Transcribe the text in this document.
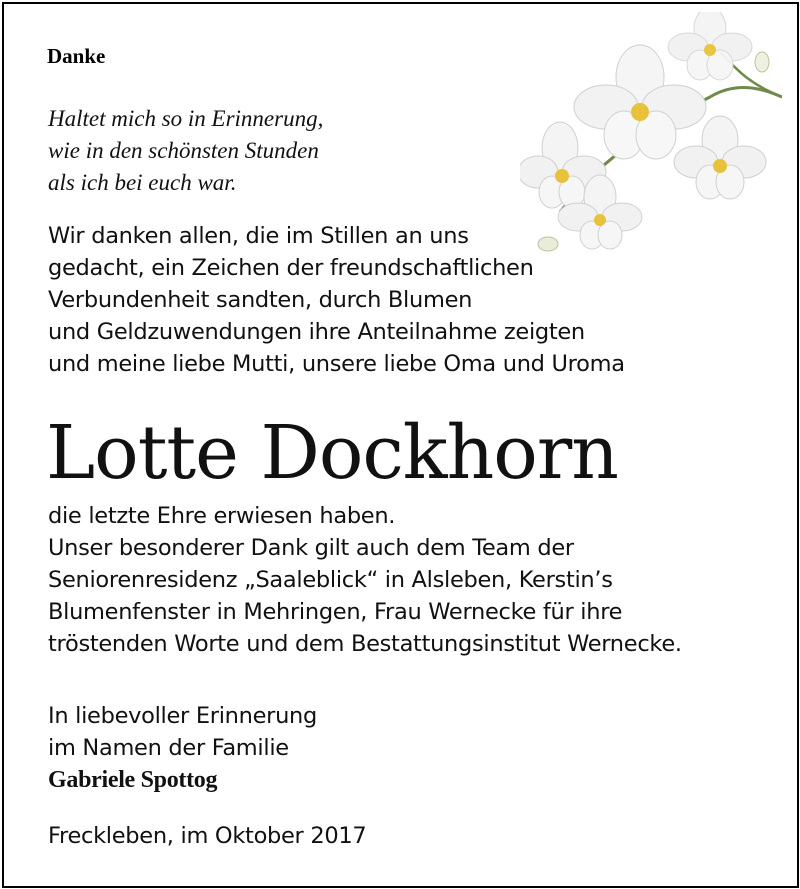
Danke
Haltet mich so in Erinnerung,
wie in den schönsten Stunden
als ich bei euch war.
Wir danken allen, die im Stillen an uns
gedacht, ein Zeichen der freundschaftlichen
Verbundenheit sandten, durch Blumen
und Geldzuwendungen ihre Anteilnahme zeigten
und meine liebe Mutti, unsere liebe Oma und Uroma
Lotte Dockhorn
die letzte Ehre erwiesen haben.
Unser besonderer Dank gilt auch dem Team der
Seniorenresidenz „Saaleblick“ in Alsleben, Kerstin’s
Blumenfenster in Mehringen, Frau Wernecke für ihre
tröstenden Worte und dem Bestattungsinstitut Wernecke.
In liebevoller Erinnerung
im Namen der Familie
Gabriele Spottog
Freckleben, im Oktober 2017
